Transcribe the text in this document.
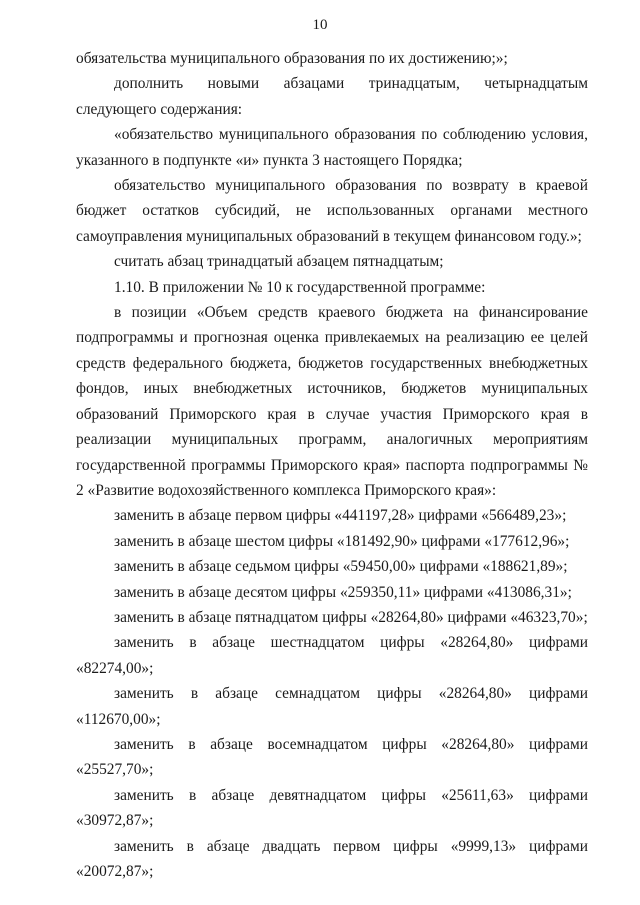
10

обязательства муниципального образования по их достижению;»;

дополнить новыми абзацами тринадцатым, четырнадцатым следующего содержания:

«обязательство муниципального образования по соблюдению условия, указанного в подпункте «и» пункта 3 настоящего Порядка;

обязательство муниципального образования по возврату в краевой бюджет остатков субсидий, не использованных органами местного самоуправления муниципальных образований в текущем финансовом году.»;

считать абзац тринадцатый абзацем пятнадцатым;

1.10. В приложении № 10 к государственной программе:

в позиции «Объем средств краевого бюджета на финансирование подпрограммы и прогнозная оценка привлекаемых на реализацию ее целей средств федерального бюджета, бюджетов государственных внебюджетных фондов, иных внебюджетных источников, бюджетов муниципальных образований Приморского края в случае участия Приморского края в реализации муниципальных программ, аналогичных мероприятиям государственной программы Приморского края» паспорта подпрограммы № 2 «Развитие водохозяйственного комплекса Приморского края»:

заменить в абзаце первом цифры «441197,28» цифрами «566489,23»;

заменить в абзаце шестом цифры «181492,90» цифрами «177612,96»;

заменить в абзаце седьмом цифры «59450,00» цифрами «188621,89»;

заменить в абзаце десятом цифры «259350,11» цифрами «413086,31»;

заменить в абзаце пятнадцатом цифры «28264,80» цифрами «46323,70»;

заменить в абзаце шестнадцатом цифры «28264,80» цифрами «82274,00»;

заменить в абзаце семнадцатом цифры «28264,80» цифрами «112670,00»;

заменить в абзаце восемнадцатом цифры «28264,80» цифрами «25527,70»;

заменить в абзаце девятнадцатом цифры «25611,63» цифрами «30972,87»;

заменить в абзаце двадцать первом цифры «9999,13» цифрами «20072,87»;
